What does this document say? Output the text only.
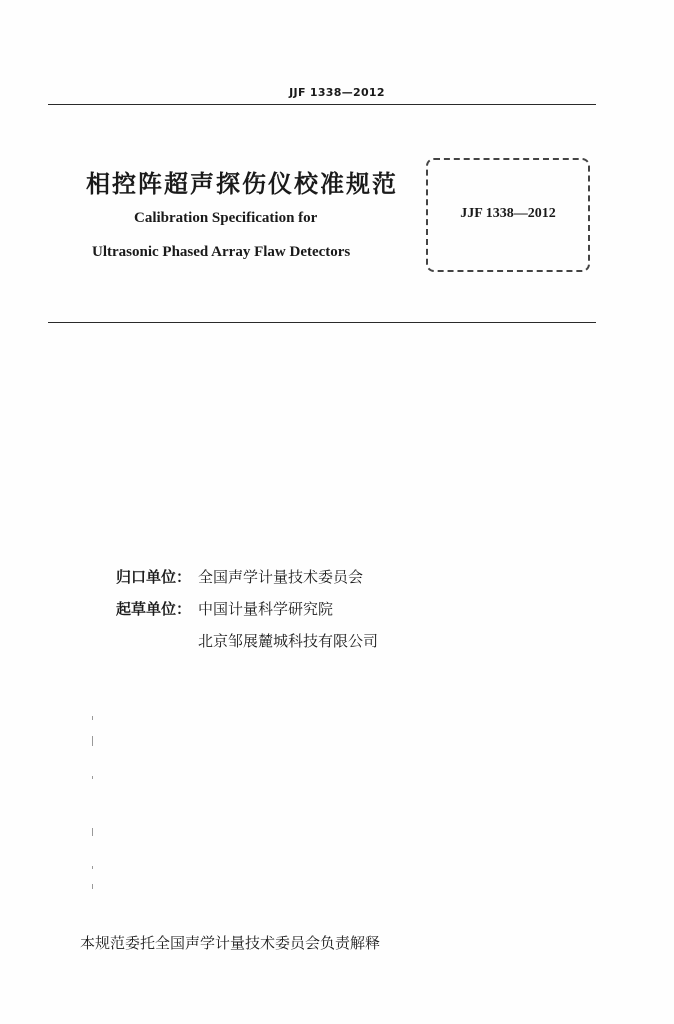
JJF 1338—2012
相控阵超声探伤仪校准规范
Calibration Specification for
Ultrasonic Phased Array Flaw Detectors
JJF 1338—2012
归口单位： 全国声学计量技术委员会
起草单位： 中国计量科学研究院
北京邹展麓城科技有限公司
本规范委托全国声学计量技术委员会负责解释
